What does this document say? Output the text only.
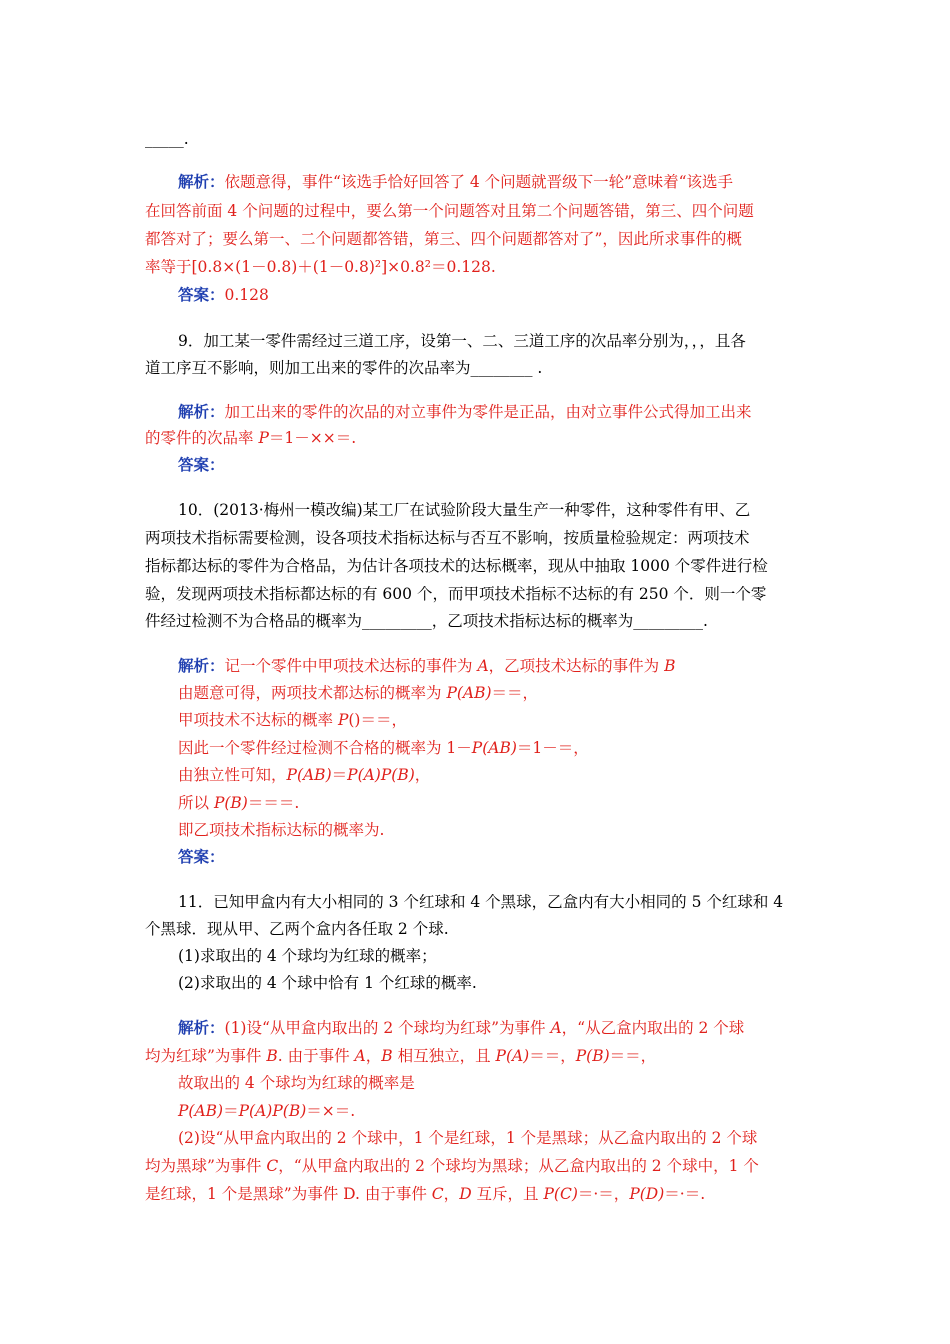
_____.
解析：依题意得，事件“该选手恰好回答了 4 个问题就晋级下一轮”意味着“该选手
在回答前面 4 个问题的过程中，要么第一个问题答对且第二个问题答错，第三、四个问题
都答对了；要么第一、二个问题都答错，第三、四个问题都答对了”，因此所求事件的概
率等于[0.8×(1－0.8)＋(1－0.8)²]×0.8²＝0.128.
答案：0.128
9．加工某一零件需经过三道工序，设第一、二、三道工序的次品率分别为，，，且各
道工序互不影响，则加工出来的零件的次品率为________ .
解析：加工出来的零件的次品的对立事件为零件是正品，由对立事件公式得加工出来
的零件的次品率 P＝1－××＝.
答案：
10．(2013·梅州一模改编)某工厂在试验阶段大量生产一种零件，这种零件有甲、乙
两项技术指标需要检测，设各项技术指标达标与否互不影响，按质量检验规定：两项技术
指标都达标的零件为合格品，为估计各项技术的达标概率，现从中抽取 1000 个零件进行检
验，发现两项技术指标都达标的有 600 个，而甲项技术指标不达标的有 250 个．则一个零
件经过检测不为合格品的概率为_________，乙项技术指标达标的概率为_________.
解析：记一个零件中甲项技术达标的事件为 A，乙项技术达标的事件为 B
由题意可得，两项技术都达标的概率为 P(AB)＝＝，
甲项技术不达标的概率 P()＝＝，
因此一个零件经过检测不合格的概率为 1－P(AB)＝1－＝，
由独立性可知，P(AB)＝P(A)P(B)，
所以 P(B)＝＝＝.
即乙项技术指标达标的概率为.
答案：
11．已知甲盒内有大小相同的 3 个红球和 4 个黑球，乙盒内有大小相同的 5 个红球和 4
个黑球．现从甲、乙两个盒内各任取 2 个球.
(1)求取出的 4 个球均为红球的概率；
(2)求取出的 4 个球中恰有 1 个红球的概率.
解析：(1)设“从甲盒内取出的 2 个球均为红球”为事件 A，“从乙盒内取出的 2 个球
均为红球”为事件 B. 由于事件 A，B 相互独立，且 P(A)＝＝，P(B)＝＝，
故取出的 4 个球均为红球的概率是
P(AB)＝P(A)P(B)＝×＝.
(2)设“从甲盒内取出的 2 个球中，1 个是红球，1 个是黑球；从乙盒内取出的 2 个球
均为黑球”为事件 C，“从甲盒内取出的 2 个球均为黑球；从乙盒内取出的 2 个球中，1 个
是红球，1 个是黑球”为事件 D. 由于事件 C，D 互斥，且 P(C)＝·＝，P(D)＝·＝.
